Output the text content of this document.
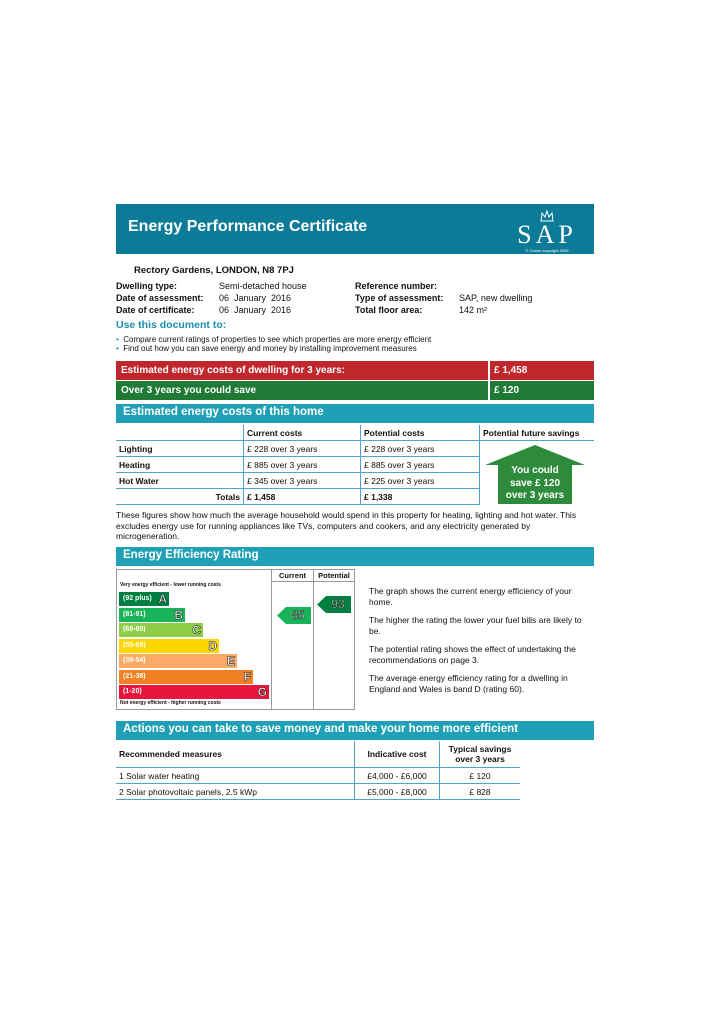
Energy Performance Certificate	SAP
© Crown copyright 2009
Rectory Gardens, LONDON, N8 7PJ
Dwelling type:	Semi-detached house
Date of assessment: 06  January  2016
Date of certificate:	06  January  2016
Reference number:
Type of assessment: SAP, new dwelling
Total floor area:	142 m²
Use this document to:
• Compare current ratings of properties to see which properties are more energy efficient
• Find out how you can save energy and money by installing improvement measures
Estimated energy costs of dwelling for 3 years:	£ 1,458
Over 3 years you could save	£ 120
Estimated energy costs of this home
	Current costs	Potential costs	Potential future savings
Lighting	£ 228 over 3 years	£ 228 over 3 years	
Heating	£ 885 over 3 years	£ 885 over 3 years	
Hot Water	£ 345 over 3 years	£ 225 over 3 years	
Totals	£ 1,458	£ 1,338	
You could
save £ 120
over 3 years
These figures show how much the average household would spend in this property for heating, lighting and hot water. This excludes energy use for running appliances like TVs, computers and cookers, and any electricity generated by microgeneration.
Energy Efficiency Rating
Current	Potential
Very energy efficient - lower running costs
Not energy efficient - higher running costs
(92 plus) A
(81-91) B
(69-80)	C
(55-68)	D
(39-54)	E
(21-38)	F
(1-20)	G
85
93
The graph shows the current energy efficiency of your home.
The higher the rating the lower your fuel bills are likely to be.
The potential rating shows the effect of undertaking the recommendations on page 3.
The average energy efficiency rating for a dwelling in England and Wales is band D (rating 60).
Actions you can take to save money and make your home more efficient
Recommended measures	Indicative cost	Typical savings over 3 years
1 Solar water heating	£4,000 - £6,000	£ 120
2 Solar photovoltaic panels, 2.5 kWp	£5,000 - £8,000	£ 828
